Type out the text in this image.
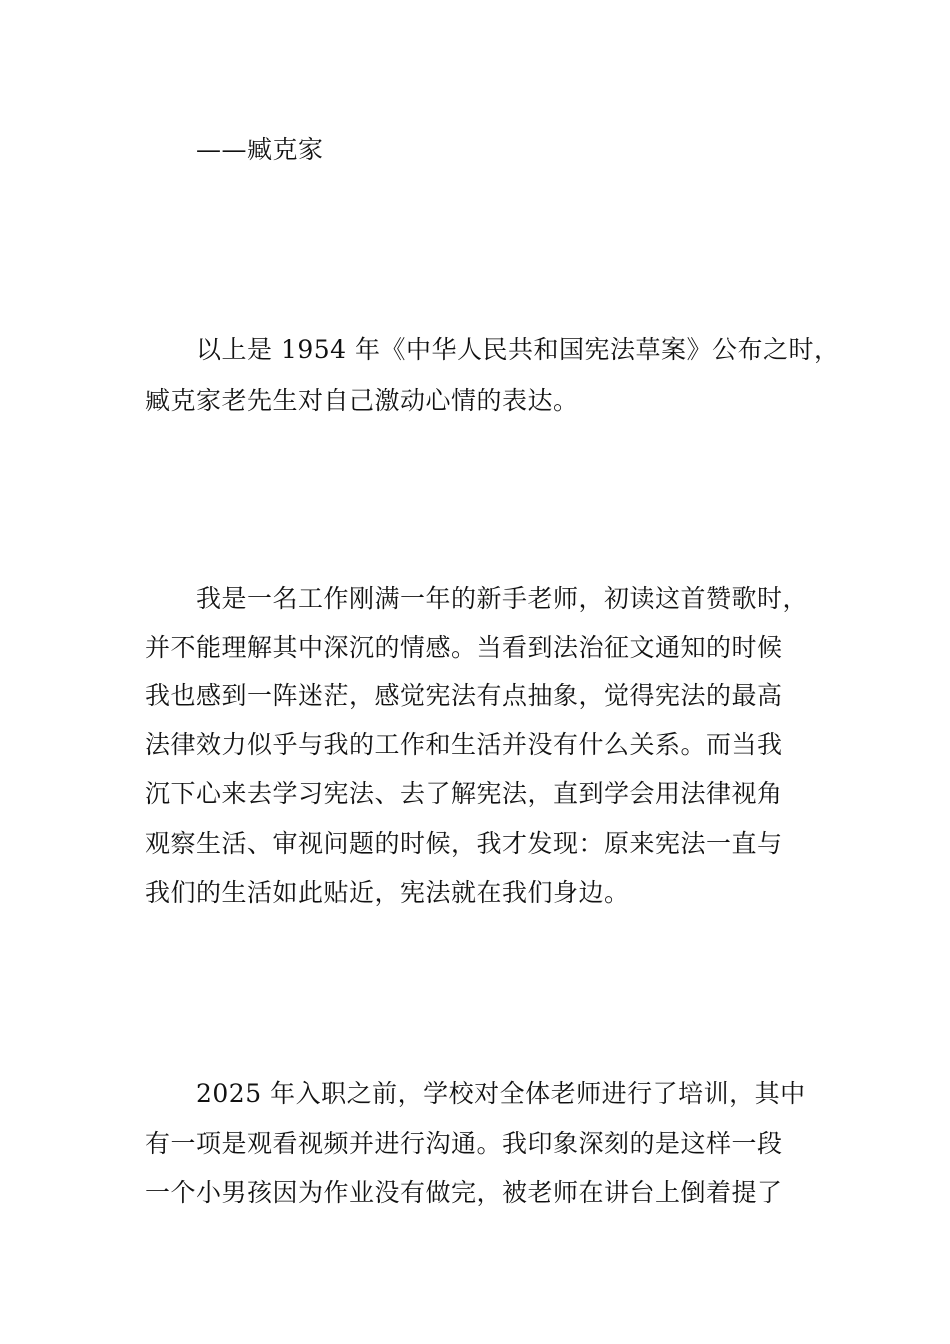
——臧克家
以上是 1954 年《中华人民共和国宪法草案》公布之时，
臧克家老先生对自己激动心情的表达。
我是一名工作刚满一年的新手老师，初读这首赞歌时，
并不能理解其中深沉的情感。当看到法治征文通知的时候
我也感到一阵迷茫，感觉宪法有点抽象，觉得宪法的最高
法律效力似乎与我的工作和生活并没有什么关系。而当我
沉下心来去学习宪法、去了解宪法，直到学会用法律视角
观察生活、审视问题的时候，我才发现：原来宪法一直与
我们的生活如此贴近，宪法就在我们身边。
2025 年入职之前，学校对全体老师进行了培训，其中
有一项是观看视频并进行沟通。我印象深刻的是这样一段
一个小男孩因为作业没有做完，被老师在讲台上倒着提了
